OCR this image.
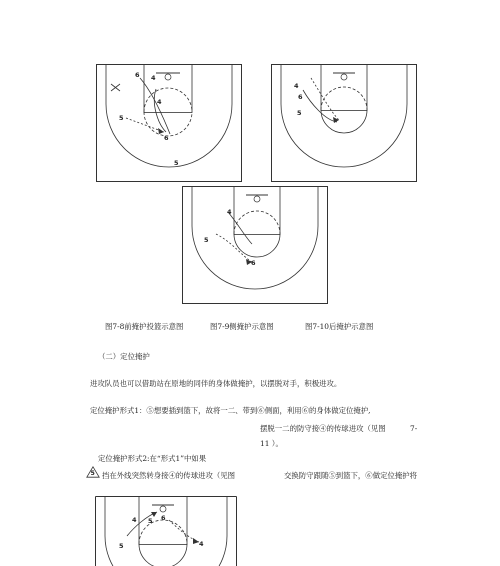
6 4
5
4
6
5
4
6
5
4
5
6
图7-8前掩护投篮示意图	图7-9侧掩护示意图	图7-10后掩护示意图
（二）定位掩护
进攻队员也可以借助站在原地的同伴的身体做掩护，以摆脱对手，积极进攻。
定位掩护形式1：⑤想要插到篮下，故将一二、带到⑥侧面，利用⑥的身体做定位掩护,
摆脱一二的防守接④的传球进攻（见图	7-
11 ）。
定位掩护形式2:在“形式1”中如果
5 挡在外线突然转身接④的传球进攻（见图	交换防守跟随⑤到篮下，⑥做定位掩护将
4 5 6
5	4
